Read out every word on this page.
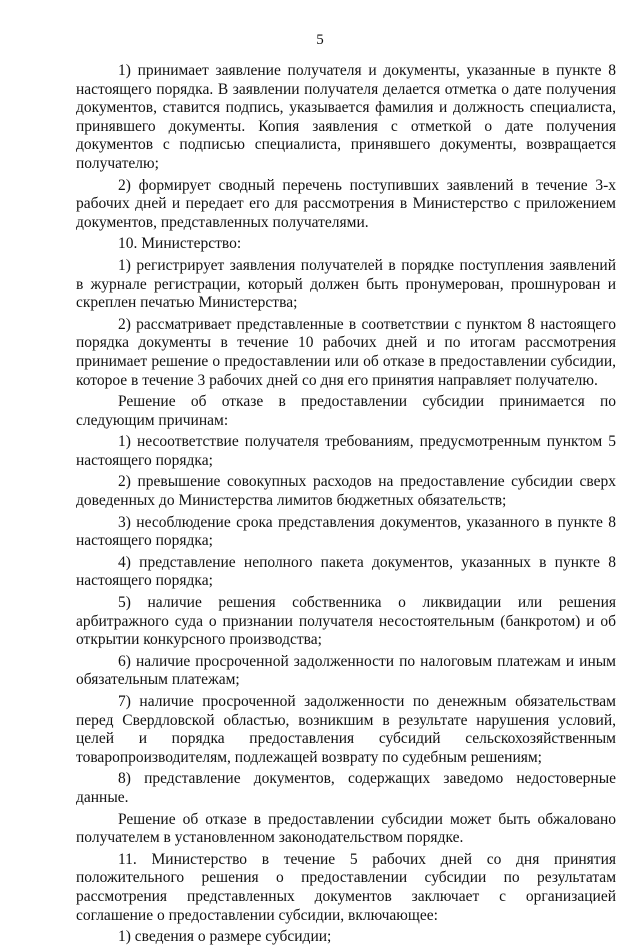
5

1) принимает заявление получателя и документы, указанные в пункте 8 настоящего порядка. В заявлении получателя делается отметка о дате получения документов, ставится подпись, указывается фамилия и должность специалиста, принявшего документы. Копия заявления с отметкой о дате получения документов с подписью специалиста, принявшего документы, возвращается получателю;

2) формирует сводный перечень поступивших заявлений в течение 3-х рабочих дней и передает его для рассмотрения в Министерство с приложением документов, представленных получателями.

10. Министерство:

1) регистрирует заявления получателей в порядке поступления заявлений в журнале регистрации, который должен быть пронумерован, прошнурован и скреплен печатью Министерства;

2) рассматривает представленные в соответствии с пунктом 8 настоящего порядка документы в течение 10 рабочих дней и по итогам рассмотрения принимает решение о предоставлении или об отказе в предоставлении субсидии, которое в течение 3 рабочих дней со дня его принятия направляет получателю.

Решение об отказе в предоставлении субсидии принимается по следующим причинам:

1) несоответствие получателя требованиям, предусмотренным пунктом 5 настоящего порядка;

2) превышение совокупных расходов на предоставление субсидии сверх доведенных до Министерства лимитов бюджетных обязательств;

3) несоблюдение срока представления документов, указанного в пункте 8 настоящего порядка;

4) представление неполного пакета документов, указанных в пункте 8 настоящего порядка;

5) наличие решения собственника о ликвидации или решения арбитражного суда о признании получателя несостоятельным (банкротом) и об открытии конкурсного производства;

6) наличие просроченной задолженности по налоговым платежам и иным обязательным платежам;

7) наличие просроченной задолженности по денежным обязательствам перед Свердловской областью, возникшим в результате нарушения условий, целей и порядка предоставления субсидий сельскохозяйственным товаропроизводителям, подлежащей возврату по судебным решениям;

8) представление документов, содержащих заведомо недостоверные данные.

Решение об отказе в предоставлении субсидии может быть обжаловано получателем в установленном законодательством порядке.

11. Министерство в течение 5 рабочих дней со дня принятия положительного решения о предоставлении субсидии по результатам рассмотрения представленных документов заключает с организацией соглашение о предоставлении субсидии, включающее:

1) сведения о размере субсидии;
